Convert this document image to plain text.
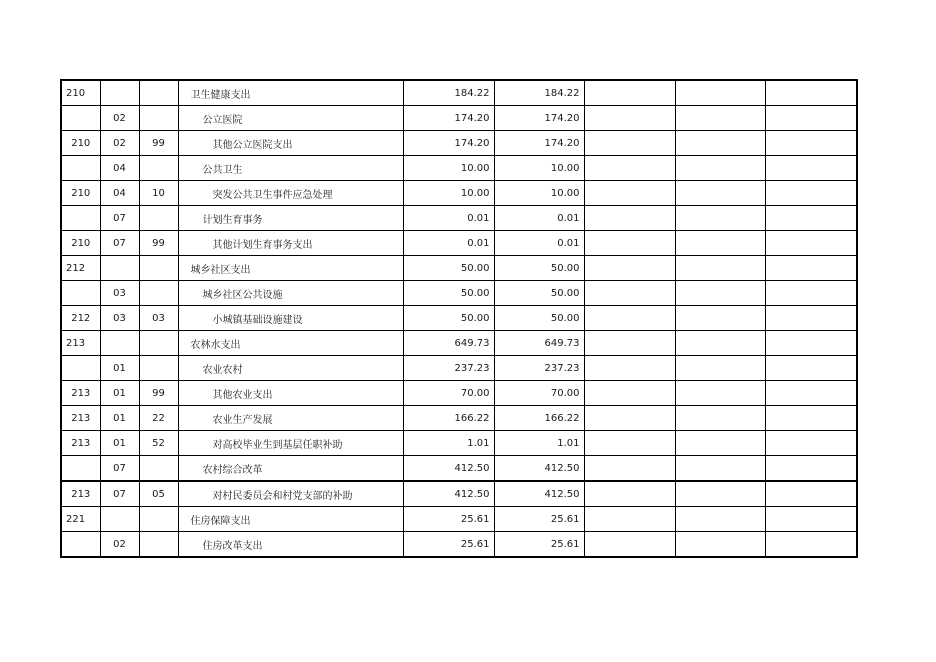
210			卫生健康支出	184.22	184.22			
	02		公立医院	174.20	174.20			
210	02	99	其他公立医院支出	174.20	174.20			
	04		公共卫生	10.00	10.00			
210	04	10	突发公共卫生事件应急处理	10.00	10.00			
	07		计划生育事务	0.01	0.01			
210	07	99	其他计划生育事务支出	0.01	0.01			
212			城乡社区支出	50.00	50.00			
	03		城乡社区公共设施	50.00	50.00			
212	03	03	小城镇基础设施建设	50.00	50.00			
213			农林水支出	649.73	649.73			
	01		农业农村	237.23	237.23			
213	01	99	其他农业支出	70.00	70.00			
213	01	22	农业生产发展	166.22	166.22			
213	01	52	对高校毕业生到基层任职补助	1.01	1.01			
	07		农村综合改革	412.50	412.50			
213	07	05	对村民委员会和村党支部的补助	412.50	412.50			
221			住房保障支出	25.61	25.61			
	02		住房改革支出	25.61	25.61			
